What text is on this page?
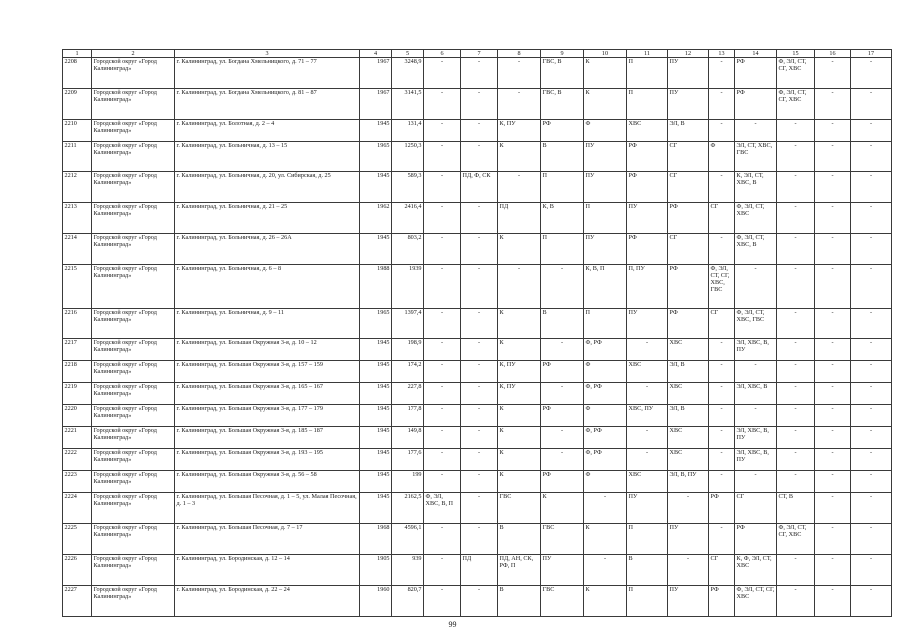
1	2	3	4	5	6	7	8	9	10	11	12	13	14	15	16	17
2208	Городской округ «Город Калининград»	г. Калининград, ул. Богдана Хмельницкого, д. 71 – 77	1967	3248,9	-	-	-	ГВС, В	К	П	ПУ	-	РФ	Ф, ЭЛ, СТ, СГ, ХВС	-	-
2209	Городской округ «Город Калининград»	г. Калининград, ул. Богдана Хмельницкого, д. 81 – 87	1967	3141,5	-	-	-	ГВС, В	К	П	ПУ	-	РФ	Ф, ЭЛ, СТ, СГ, ХВС	-	-
2210	Городской округ «Город Калининград»	г. Калининград, ул. Болотная, д. 2 – 4	1945	131,4	-	-	К, ПУ	РФ	Ф	ХВС	ЭЛ, В	-	-	-	-	-
2211	Городской округ «Город Калининград»	г. Калининград, ул. Больничная, д. 13 – 15	1965	1250,3	-	-	К	В	ПУ	РФ	СГ	Ф	ЭЛ, СТ, ХВС, ГВС	-	-	-
2212	Городской округ «Город Калининград»	г. Калининград, ул. Больничная, д. 20, ул. Сибирская, д. 25	1945	589,3	-	ПД, Ф, СК	-	П	ПУ	РФ	СГ	-	К, ЭЛ, СТ, ХВС, В	-	-	-
2213	Городской округ «Город Калининград»	г. Калининград, ул. Больничная, д. 21 – 25	1962	2416,4	-	-	ПД	К, В	П	ПУ	РФ	СГ	Ф, ЭЛ, СТ, ХВС	-	-	-
2214	Городской округ «Город Калининград»	г. Калининград, ул. Больничная, д. 26 – 26А	1945	803,2	-	-	К	П	ПУ	РФ	СГ	-	Ф, ЭЛ, СТ, ХВС, В	-	-	-
2215	Городской округ «Город Калининград»	г. Калининград, ул. Больничная, д. 6 – 8	1988	1939	-	-	-	-	К, В, П	П, ПУ	РФ	Ф, ЭЛ, СТ, СГ, ХВС, ГВС	-	-	-	-
2216	Городской округ «Город Калининград»	г. Калининград, ул. Больничная, д. 9 – 11	1965	1397,4	-	-	К	В	П	ПУ	РФ	СГ	Ф, ЭЛ, СТ, ХВС, ГВС	-	-	-
2217	Городской округ «Город Калининград»	г. Калининград, ул. Большая Окружная 3-я, д. 10 – 12	1945	198,9	-	-	К	-	Ф, РФ	-	ХВС	-	ЭЛ, ХВС, В, ПУ	-	-	-
2218	Городской округ «Город Калининград»	г. Калининград, ул. Большая Окружная 3-я, д. 157 – 159	1945	174,2	-	-	К, ПУ	РФ	Ф	ХВС	ЭЛ, В	-	-	-	-	-
2219	Городской округ «Город Калининград»	г. Калининград, ул. Большая Окружная 3-я, д. 165 – 167	1945	227,8	-	-	К, ПУ	-	Ф, РФ	-	ХВС	-	ЭЛ, ХВС, В	-	-	-
2220	Городской округ «Город Калининград»	г. Калининград, ул. Большая Окружная 3-я, д. 177 – 179	1945	177,8	-	-	К	РФ	Ф	ХВС, ПУ	ЭЛ, В	-	-	-	-	-
2221	Городской округ «Город Калининград»	г. Калининград, ул. Большая Окружная 3-я, д. 185 – 187	1945	149,8	-	-	К	-	Ф, РФ	-	ХВС	-	ЭЛ, ХВС, В, ПУ	-	-	-
2222	Городской округ «Город Калининград»	г. Калининград, ул. Большая Окружная 3-я, д. 193 – 195	1945	177,6	-	-	К	-	Ф, РФ	-	ХВС	-	ЭЛ, ХВС, В, ПУ	-	-	-
2223	Городской округ «Город Калининград»	г. Калининград, ул. Большая Окружная 3-я, д. 56 – 58	1945	199	-	-	К	РФ	Ф	ХВС	ЭЛ, В, ПУ	-	-	-	-	-
2224	Городской округ «Город Калининград»	г. Калининград, ул. Большая Песочная, д. 1 – 5, ул. Малая Песочная, д. 1 – 3	1945	2162,5	Ф, ЭЛ, ХВС, В, П	-	ГВС	К	-	ПУ	-	РФ	СГ	СТ, В	-	-
2225	Городской округ «Город Калининград»	г. Калининград, ул. Большая Песочная, д. 7 – 17	1968	4596,1	-	-	В	ГВС	К	П	ПУ	-	РФ	Ф, ЭЛ, СТ, СГ, ХВС	-	-
2226	Городской округ «Город Калининград»	г. Калининград, ул. Бородинская, д. 12 – 14	1905	939	-	ПД	ПД, АН, СК, РФ, П	ПУ	-	В	-	СГ	К, Ф, ЭЛ, СТ, ХВС	-	-	-
2227	Городской округ «Город Калининград»	г. Калининград, ул. Бородинская, д. 22 – 24	1960	820,7	-	-	В	ГВС	К	П	ПУ	РФ	Ф, ЭЛ, СТ, СГ, ХВС	-	-	-
99
